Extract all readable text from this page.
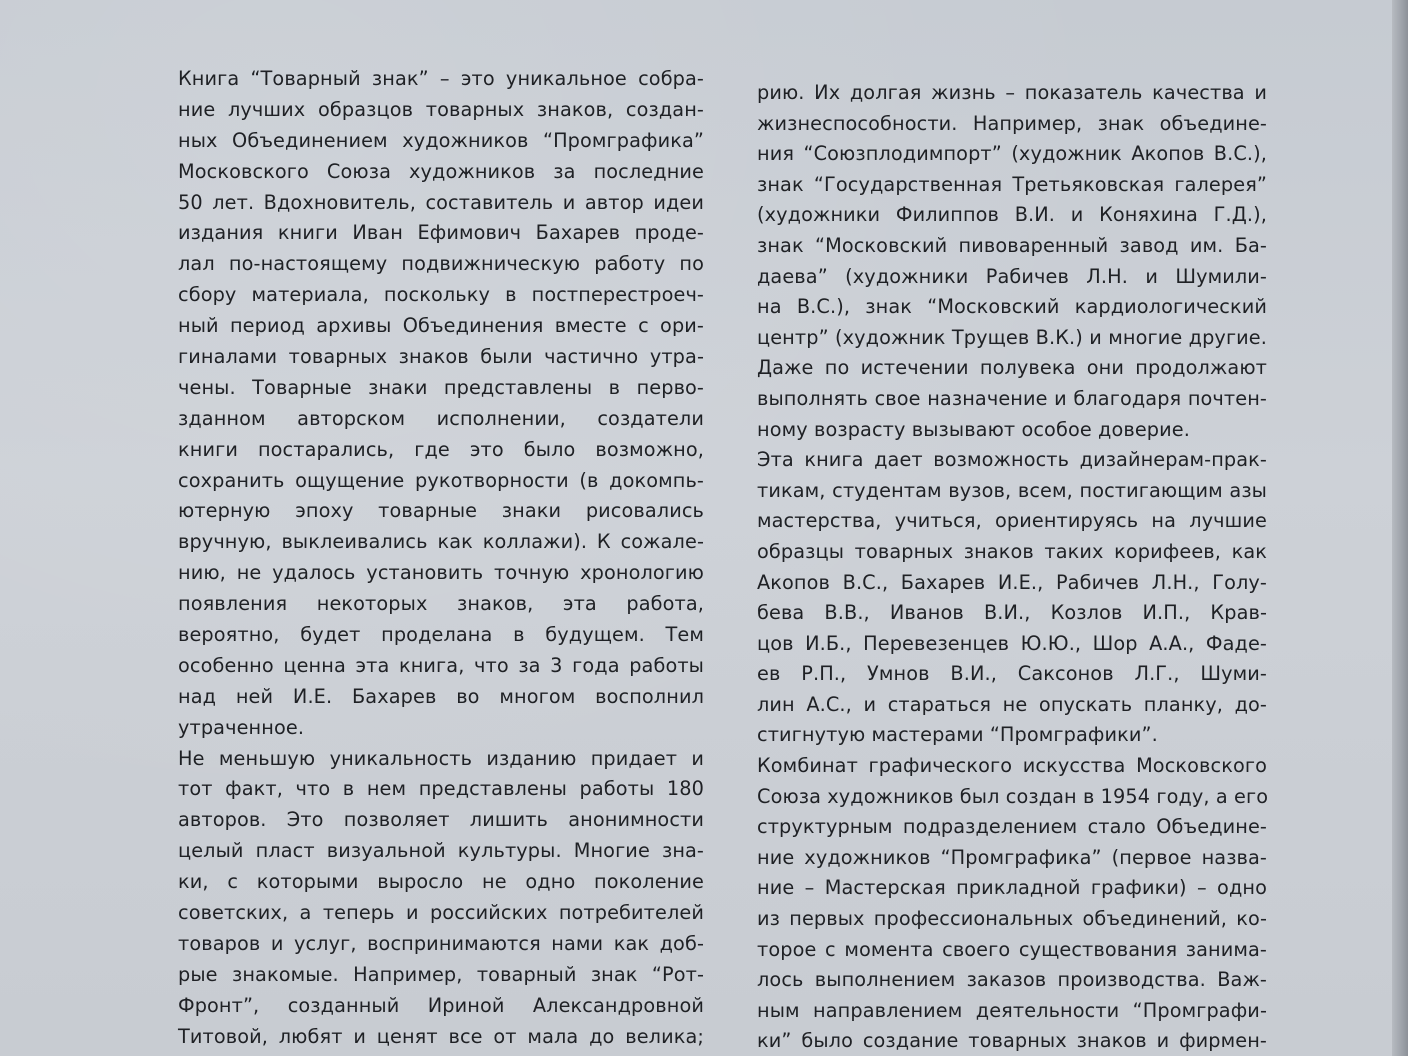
Книга “Товарный знак” – это уникальное собра-
ние лучших образцов товарных знаков, создан-
ных Объединением художников “Промграфика”
Московского Союза художников за последние
50 лет. Вдохновитель, составитель и автор идеи
издания книги Иван Ефимович Бахарев проде-
лал по-настоящему подвижническую работу по
сбору материала, поскольку в постперестроеч-
ный период архивы Объединения вместе с ори-
гиналами товарных знаков были частично утра-
чены. Товарные знаки представлены в перво-
зданном авторском исполнении, создатели
книги постарались, где это было возможно,
сохранить ощущение рукотворности (в докомпь-
ютерную эпоху товарные знаки рисовались
вручную, выклеивались как коллажи). К сожале-
нию, не удалось установить точную хронологию
появления некоторых знаков, эта работа,
вероятно, будет проделана в будущем. Тем
особенно ценна эта книга, что за 3 года работы
над ней И.Е. Бахарев во многом восполнил
утраченное.
Не меньшую уникальность изданию придает и
тот факт, что в нем представлены работы 180
авторов. Это позволяет лишить анонимности
целый пласт визуальной культуры. Многие зна-
ки, с которыми выросло не одно поколение
советских, а теперь и российских потребителей
товаров и услуг, воспринимаются нами как доб-
рые знакомые. Например, товарный знак “Рот-
Фронт”, созданный Ириной Александровной
Титовой, любят и ценят все от мала до велика;
рию. Их долгая жизнь – показатель качества и
жизнеспособности. Например, знак объедине-
ния “Союзплодимпорт” (художник Акопов В.С.),
знак “Государственная Третьяковская галерея”
(художники Филиппов В.И. и Коняхина Г.Д.),
знак “Московский пивоваренный завод им. Ба-
даева” (художники Рабичев Л.Н. и Шумили-
на В.С.), знак “Московский кардиологический
центр” (художник Трущев В.К.) и многие другие.
Даже по истечении полувека они продолжают
выполнять свое назначение и благодаря почтен-
ному возрасту вызывают особое доверие.
Эта книга дает возможность дизайнерам-прак-
тикам, студентам вузов, всем, постигающим азы
мастерства, учиться, ориентируясь на лучшие
образцы товарных знаков таких корифеев, как
Акопов В.С., Бахарев И.Е., Рабичев Л.Н., Голу-
бева В.В., Иванов В.И., Козлов И.П., Крав-
цов И.Б., Перевезенцев Ю.Ю., Шор А.А., Фаде-
ев Р.П., Умнов В.И., Саксонов Л.Г., Шуми-
лин А.С., и стараться не опускать планку, до-
стигнутую мастерами “Промграфики”.
Комбинат графического искусства Московского
Союза художников был создан в 1954 году, а его
структурным подразделением стало Объедине-
ние художников “Промграфика” (первое назва-
ние – Мастерская прикладной графики) – одно
из первых профессиональных объединений, ко-
торое с момента своего существования занима-
лось выполнением заказов производства. Важ-
ным направлением деятельности “Промграфи-
ки” было создание товарных знаков и фирмен-
